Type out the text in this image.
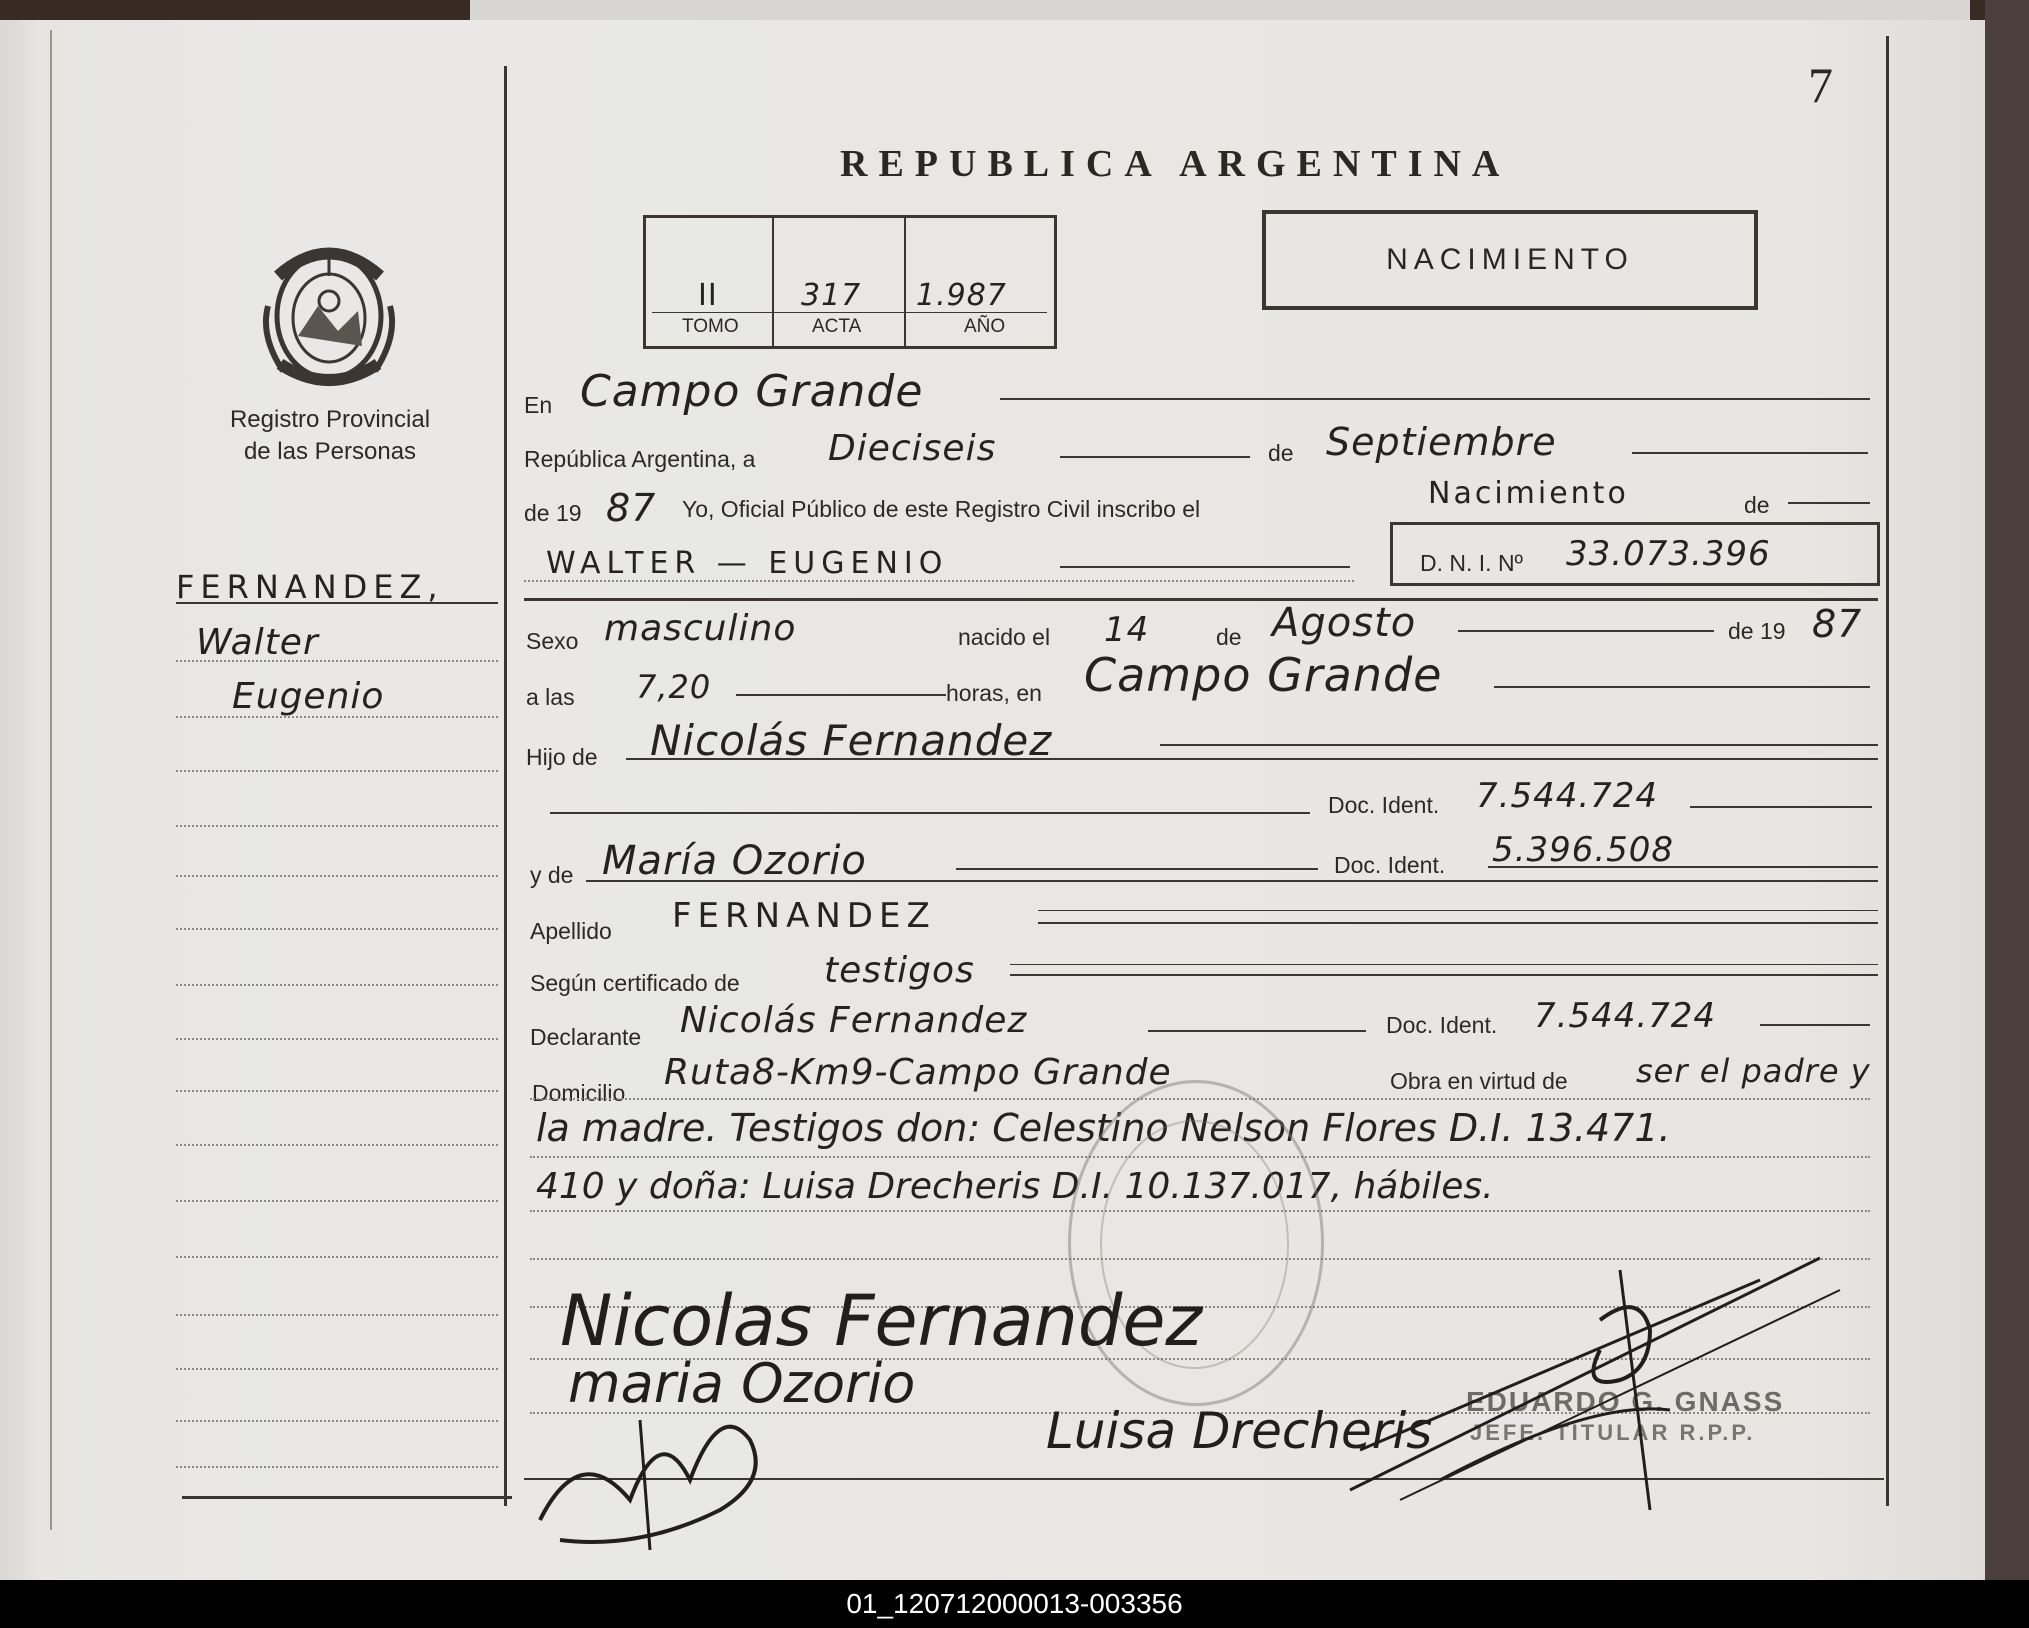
7
REPUBLICA ARGENTINA
Registro Provincial
de las Personas
II	317 1.987
TOMO	ACTA	AÑO
NACIMIENTO
FERNANDEZ,
Walter
Eugenio
En Campo Grande
República Argentina, a Dieciseis	de Septiembre
de 19 87 Yo, Oficial Público de este Registro Civil inscribo el	Nacimiento	de
WALTER — EUGENIO	D. N. I. Nº 33.073.396
Sexo masculino	nacido el 14	de Agosto	de 19 87
a las 7,20	horas, en Campo Grande
Hijo de Nicolás Fernandez
Doc. Ident. 7.544.724
y de María Ozorio	Doc. Ident. 5.396.508
Apellido FERNANDEZ
Según certificado de testigos
Declarante Nicolás Fernandez	Doc. Ident. 7.544.724
Domicilio Ruta8-Km9-Campo Grande	Obra en virtud de ser el padre y
la madre. Testigos don: Celestino Nelson Flores D.I. 13.471.
410 y doña: Luisa Drecheris D.I. 10.137.017, hábiles.
Nicolas Fernandez
maria Ozorio
Luisa Drecheris
EDUARDO G. GNASS
JEFE. TITULAR R.P.P.
01_120712000013-003356
